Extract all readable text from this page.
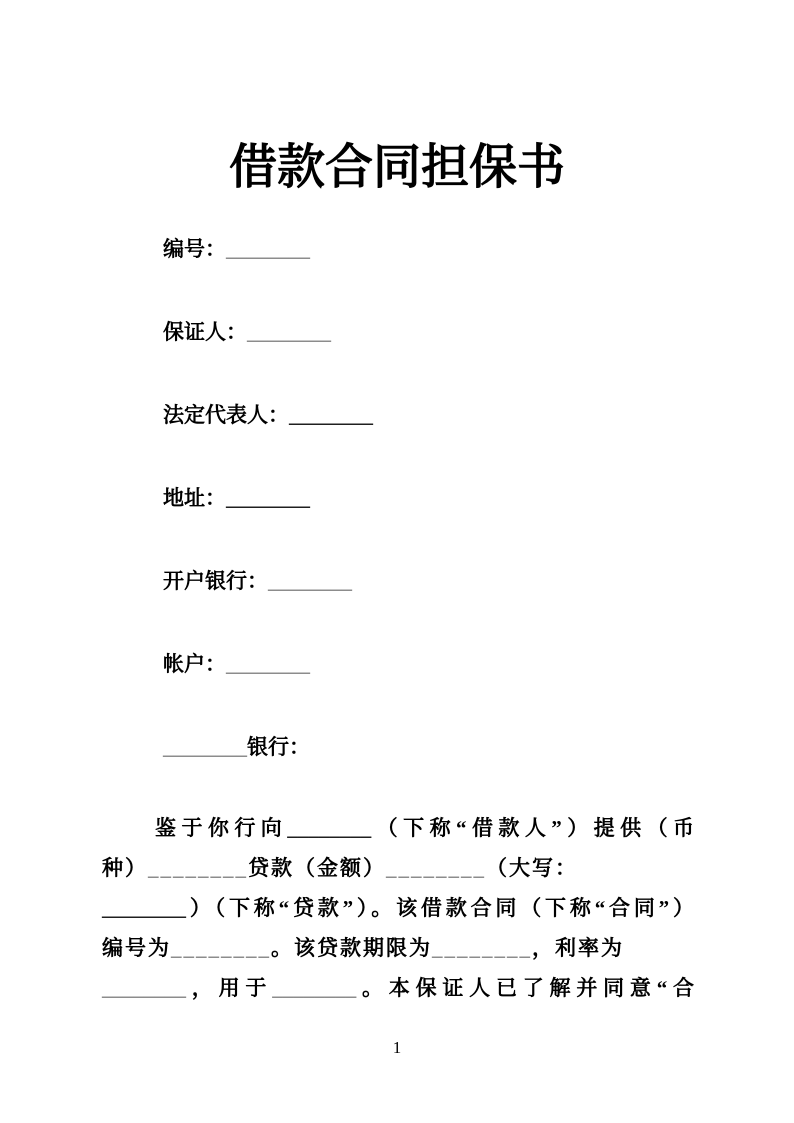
借款合同担保书
编号：________
保证人：________
法定代表人：________
地址：________
开户银行：________
帐户：________
________银行：
鉴于你行向________（下称“借款人”）提供（币
种）________贷款（金额）________（大写：
________）（下称“贷款”）。该借款合同（下称“合同”）
编号为________。该贷款期限为________，利率为
________，用于________。本保证人已了解并同意“合
1
